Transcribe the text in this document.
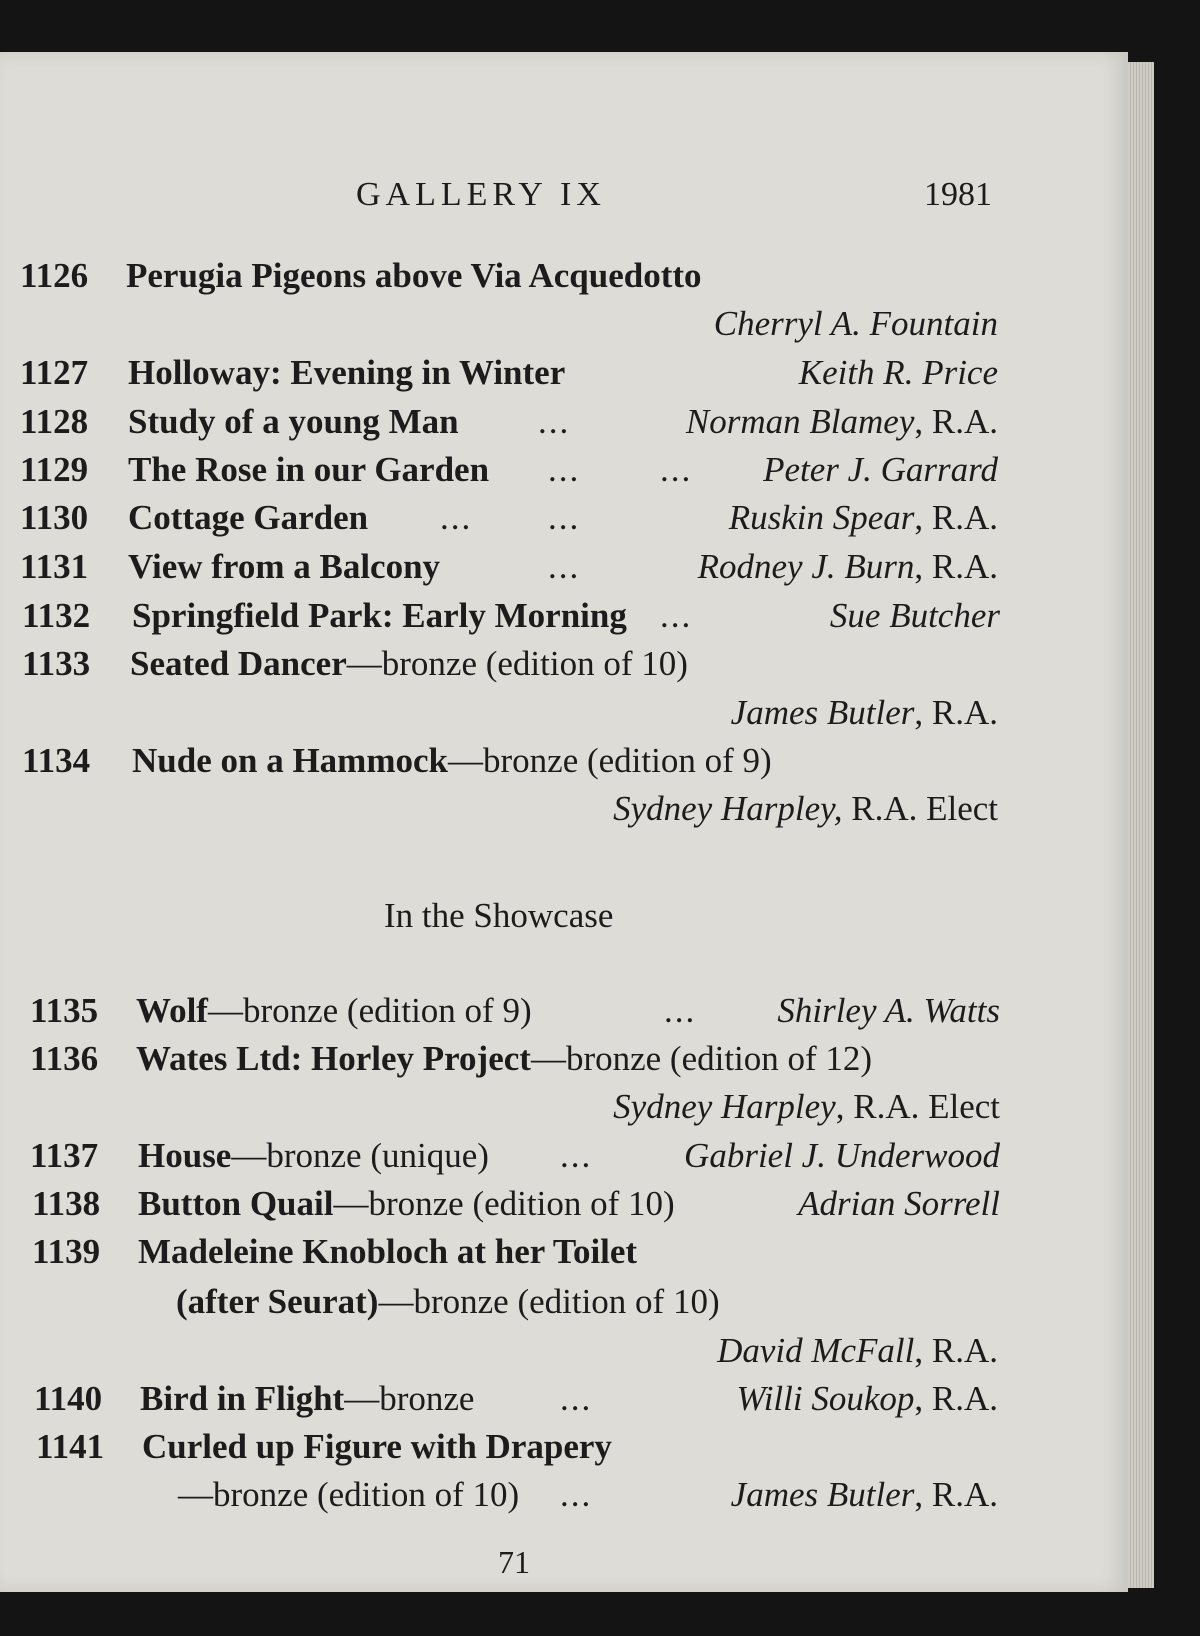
GALLERY IX	1981
1126 Perugia Pigeons above Via Acquedotto
Cherryl A. Fountain
1127 Holloway: Evening in Winter	Keith R. Price
1128 Study of a young Man ...	Norman Blamey, R.A.
1129 The Rose in our Garden ... ... Peter J. Garrard
1130 Cottage Garden ... ...	Ruskin Spear, R.A.
1131 View from a Balcony	...	Rodney J. Burn, R.A.
1132 Springfield Park: Early Morning ...	Sue Butcher
1133 Seated Dancer—bronze (edition of 10)
James Butler, R.A.
1134 Nude on a Hammock—bronze (edition of 9)
Sydney Harpley, R.A. Elect
In the Showcase
1135 Wolf—bronze (edition of 9)	... Shirley A. Watts
1136 Wates Ltd: Horley Project—bronze (edition of 12)
Sydney Harpley, R.A. Elect
1137 House—bronze (unique) ...	Gabriel J. Underwood
1138 Button Quail—bronze (edition of 10)	Adrian Sorrell
1139 Madeleine Knobloch at her Toilet
(after Seurat)—bronze (edition of 10)
David McFall, R.A.
1140 Bird in Flight—bronze ...	Willi Soukop, R.A.
1141 Curled up Figure with Drapery
—bronze (edition of 10) ...	James Butler, R.A.
71
